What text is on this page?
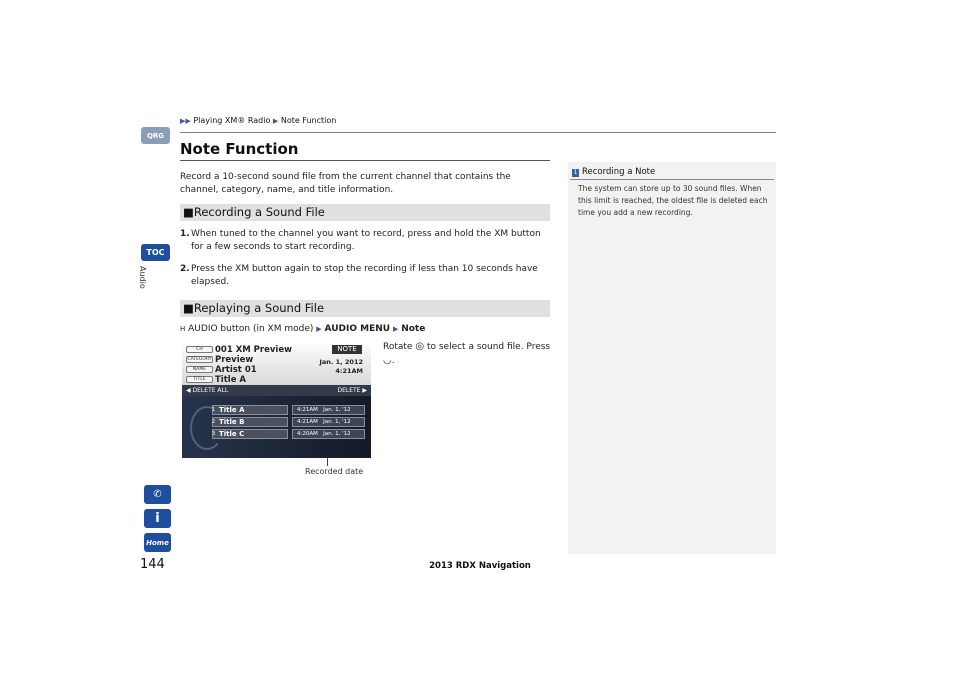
▶▶ Playing XM® Radio ▶ Note Function
QRG
TOC
Audio
✆
i
Home
Note Function
Record a 10-second sound file from the current channel that contains the channel, category, name, and title information.
■Recording a Sound File
1. When tuned to the channel you want to record, press and hold the XM button for a few seconds to start recording.
2. Press the XM button again to stop the recording if less than 10 seconds have elapsed.
■Replaying a Sound File
H AUDIO button (in XM mode) ▶ AUDIO MENU ▶ Note
Rotate ◎ to select a sound file. Press
◡.
CH
CATEGORY
NAME
TITLE
001 XM Preview
Preview
Artist 01
Title A
NOTE
Jan. 1, 2012
4:21AM
◀ DELETE ALL	DELETE ▶
Title A
Title B
Title C
1
2
3
4:21AM Jan. 1, '12
4:21AM Jan. 1, '12
4:20AM Jan. 1, '12
Recorded date
1 Recording a Note
The system can store up to 30 sound files. When this limit is reached, the oldest file is deleted each time you add a new recording.
144	2013 RDX Navigation
